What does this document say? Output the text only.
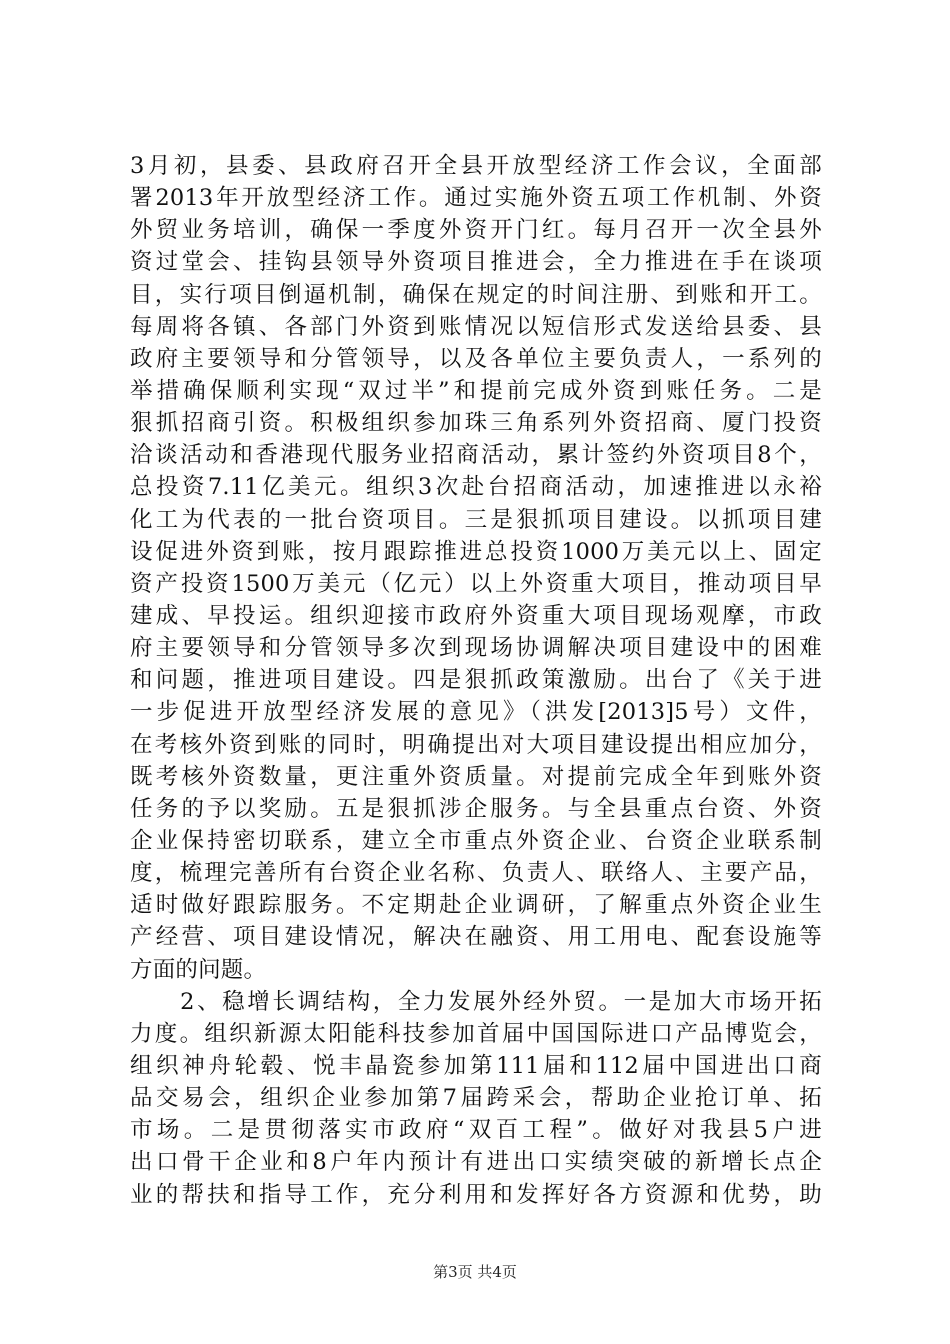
3月初，县委、县政府召开全县开放型经济工作会议，全面部
署2013年开放型经济工作。通过实施外资五项工作机制、外资
外贸业务培训，确保一季度外资开门红。每月召开一次全县外
资过堂会、挂钩县领导外资项目推进会，全力推进在手在谈项
目，实行项目倒逼机制，确保在规定的时间注册、到账和开工。
每周将各镇、各部门外资到账情况以短信形式发送给县委、县
政府主要领导和分管领导，以及各单位主要负责人，一系列的
举措确保顺利实现“双过半”和提前完成外资到账任务。二是
狠抓招商引资。积极组织参加珠三角系列外资招商、厦门投资
洽谈活动和香港现代服务业招商活动，累计签约外资项目8个，
总投资7.11亿美元。组织3次赴台招商活动，加速推进以永裕
化工为代表的一批台资项目。三是狠抓项目建设。以抓项目建
设促进外资到账，按月跟踪推进总投资1000万美元以上、固定
资产投资1500万美元（亿元）以上外资重大项目，推动项目早
建成、早投运。组织迎接市政府外资重大项目现场观摩，市政
府主要领导和分管领导多次到现场协调解决项目建设中的困难
和问题，推进项目建设。四是狠抓政策激励。出台了《关于进
一步促进开放型经济发展的意见》（洪发[2013]5号）文件，
在考核外资到账的同时，明确提出对大项目建设提出相应加分，
既考核外资数量，更注重外资质量。对提前完成全年到账外资
任务的予以奖励。五是狠抓涉企服务。与全县重点台资、外资
企业保持密切联系，建立全市重点外资企业、台资企业联系制
度，梳理完善所有台资企业名称、负责人、联络人、主要产品，
适时做好跟踪服务。不定期赴企业调研，了解重点外资企业生
产经营、项目建设情况，解决在融资、用工用电、配套设施等
方面的问题。
　　2、稳增长调结构，全力发展外经外贸。一是加大市场开拓
力度。组织新源太阳能科技参加首届中国国际进口产品博览会，
组织神舟轮毂、悦丰晶瓷参加第111届和112届中国进出口商
品交易会，组织企业参加第7届跨采会，帮助企业抢订单、拓
市场。二是贯彻落实市政府“双百工程”。做好对我县5户进
出口骨干企业和8户年内预计有进出口实绩突破的新增长点企
业的帮扶和指导工作，充分利用和发挥好各方资源和优势，助
第3页 共4页
